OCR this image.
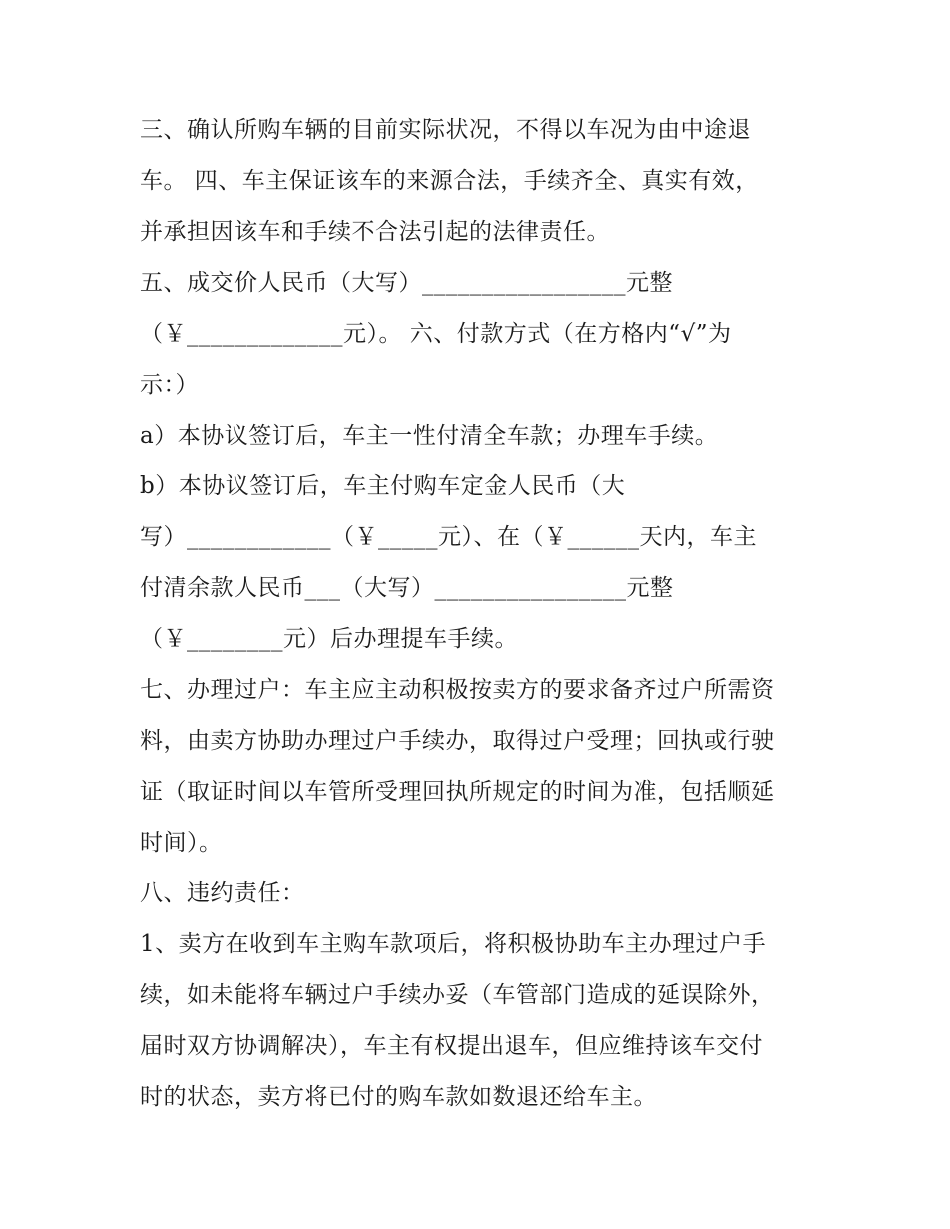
三、确认所购车辆的目前实际状况，不得以车况为由中途退
车。 四、车主保证该车的来源合法，手续齐全、真实有效，
并承担因该车和手续不合法引起的法律责任。
五、成交价人民币（大写）_________________元整
（￥_____________元）。 六、付款方式（在方格内“√”为
示：）
a）本协议签订后，车主一性付清全车款；办理车手续。
b）本协议签订后，车主付购车定金人民币（大
写）____________（￥_____元）、在（￥______天内，车主
付清余款人民币___（大写）________________元整
（￥________元）后办理提车手续。
七、办理过户：车主应主动积极按卖方的要求备齐过户所需资
料，由卖方协助办理过户手续办，取得过户受理；回执或行驶
证（取证时间以车管所受理回执所规定的时间为准，包括顺延
时间）。
八、违约责任：
1、卖方在收到车主购车款项后，将积极协助车主办理过户手
续，如未能将车辆过户手续办妥（车管部门造成的延误除外，
届时双方协调解决），车主有权提出退车，但应维持该车交付
时的状态，卖方将已付的购车款如数退还给车主。
